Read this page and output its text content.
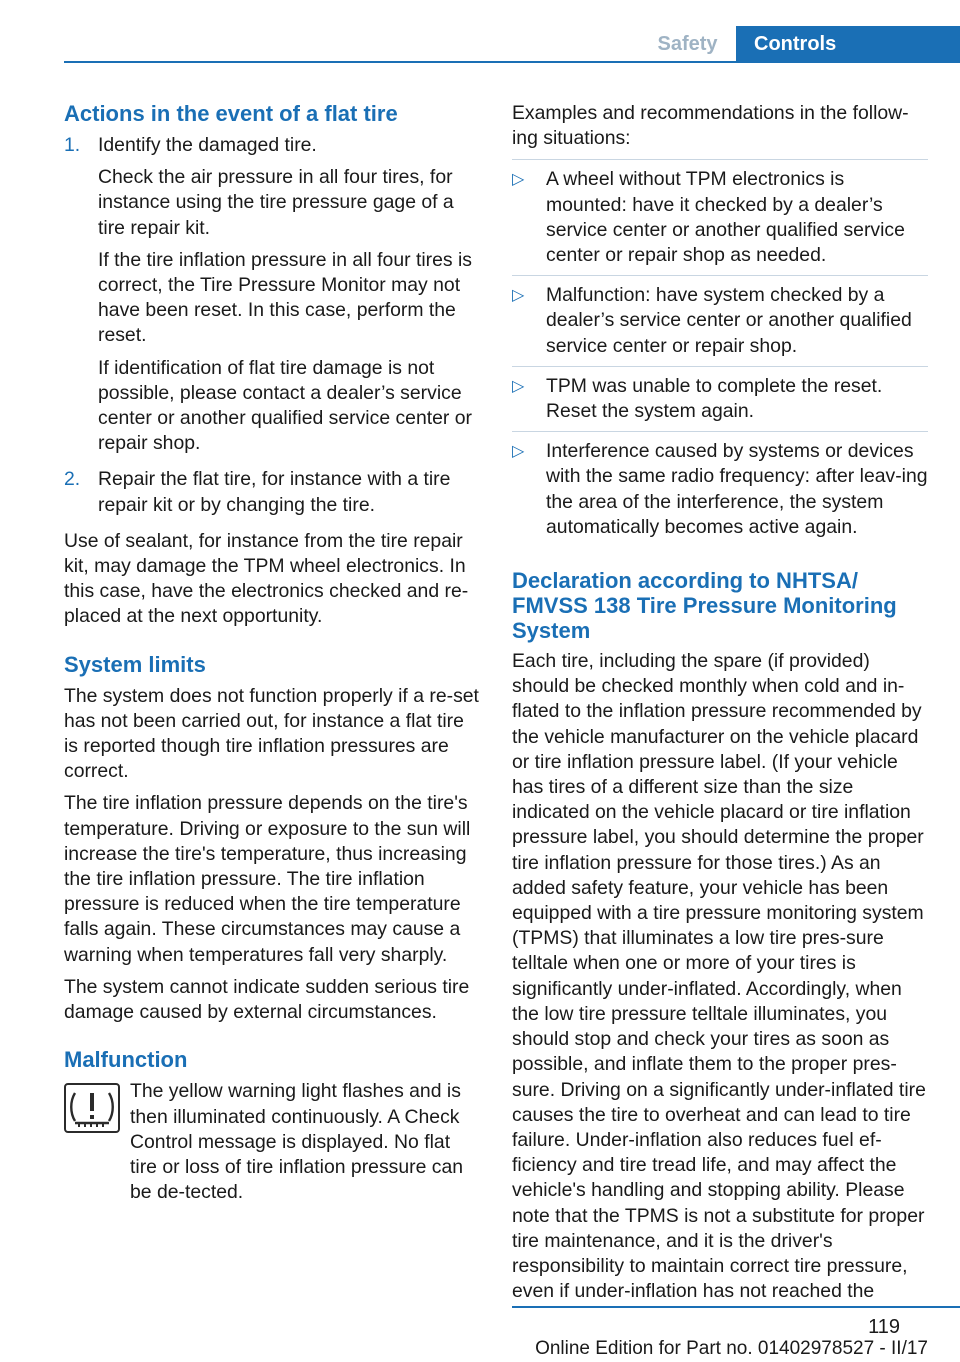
Safety	Controls
Actions in the event of a flat tire
1. Identify the damaged tire.

Check the air pressure in all four tires, for instance using the tire pressure gage of a tire repair kit.

If the tire inflation pressure in all four tires is correct, the Tire Pressure Monitor may not have been reset. In this case, perform the reset.

If identification of flat tire damage is not possible, please contact a dealer’s service center or another qualified service center or repair shop.

2. Repair the flat tire, for instance with a tire repair kit or by changing the tire.

Use of sealant, for instance from the tire repair kit, may damage the TPM wheel electronics. In this case, have the electronics checked and re‐placed at the next opportunity.

System limits

The system does not function properly if a re‐set has not been carried out, for instance a flat tire is reported though tire inflation pressures are correct.

The tire inflation pressure depends on the tire's temperature. Driving or exposure to the sun will increase the tire's temperature, thus increasing the tire inflation pressure. The tire inflation pressure is reduced when the tire temperature falls again. These circumstances may cause a warning when temperatures fall very sharply.

The system cannot indicate sudden serious tire damage caused by external circumstances.

Malfunction

The yellow warning light flashes and is then illuminated continuously. A Check Control message is displayed. No flat tire or loss of tire inflation pressure can be de‐tected.

Examples and recommendations in the follow‐ing situations:

▷	A wheel without TPM electronics is mounted: have it checked by a dealer’s service center or another qualified service center or repair shop as needed.
▷	Malfunction: have system checked by a dealer’s service center or another qualified service center or repair shop.
▷	TPM was unable to complete the reset. Reset the system again.
▷	Interference caused by systems or devices with the same radio frequency: after leav‐ing the area of the interference, the system automatically becomes active again.
Declaration according to NHTSA/ FMVSS 138 Tire Pressure Monitoring System

Each tire, including the spare (if provided) should be checked monthly when cold and in‐flated to the inflation pressure recommended by the vehicle manufacturer on the vehicle placard or tire inflation pressure label. (If your vehicle has tires of a different size than the size indicated on the vehicle placard or tire inflation pressure label, you should determine the proper tire inflation pressure for those tires.) As an added safety feature, your vehicle has been equipped with a tire pressure monitoring system (TPMS) that illuminates a low tire pres‐sure telltale when one or more of your tires is significantly under‐inflated. Accordingly, when the low tire pressure telltale illuminates, you should stop and check your tires as soon as possible, and inflate them to the proper pres‐sure. Driving on a significantly under‐inflated tire causes the tire to overheat and can lead to tire failure. Under‐inflation also reduces fuel ef‐ficiency and tire tread life, and may affect the vehicle's handling and stopping ability. Please note that the TPMS is not a substitute for proper tire maintenance, and it is the driver's responsibility to maintain correct tire pressure, even if under‐inflation has not reached the

119
Online Edition for Part no. 01402978527 - II/17
